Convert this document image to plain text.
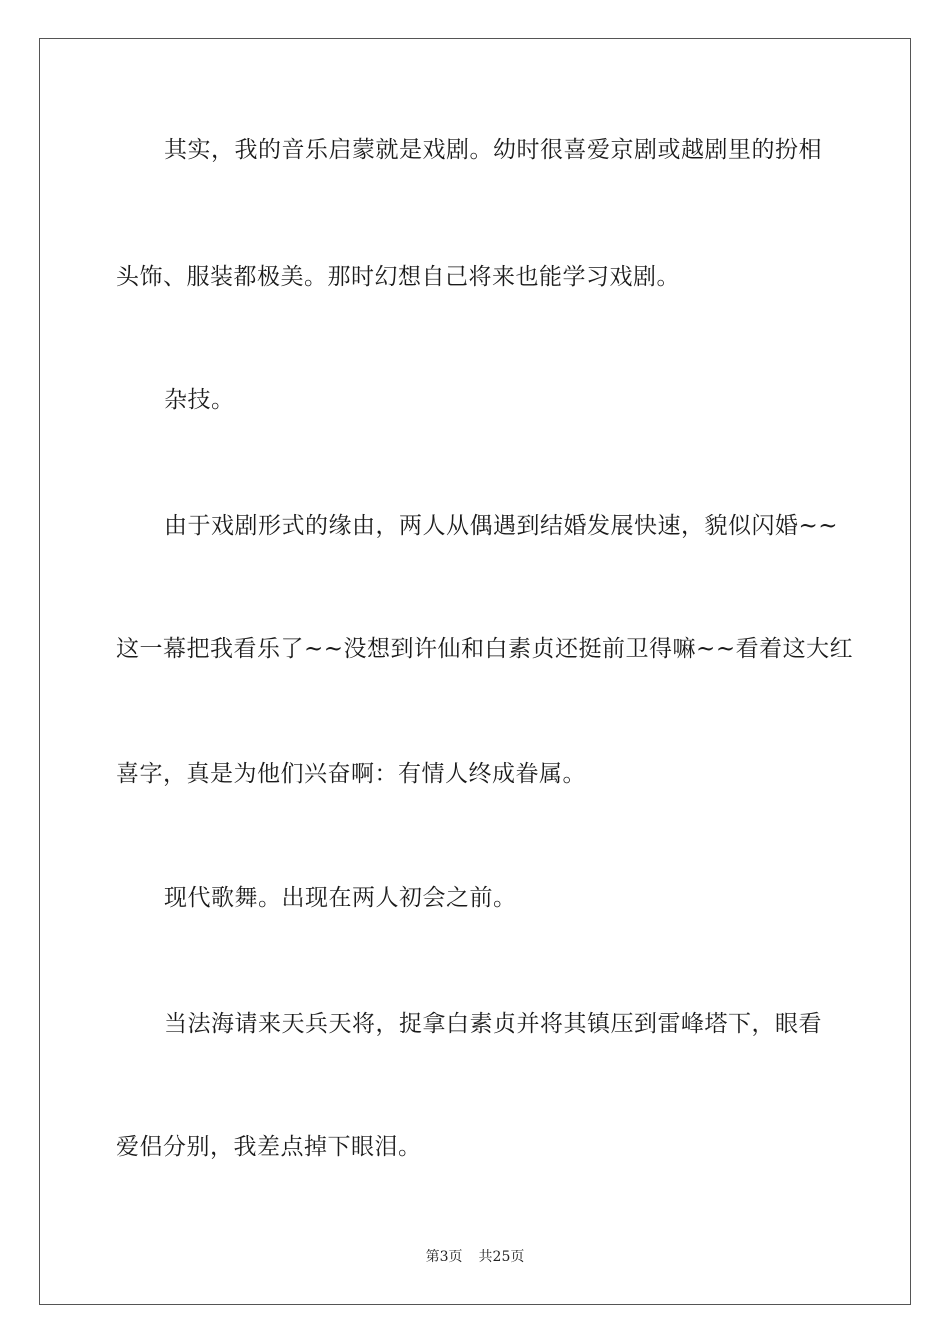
其实，我的音乐启蒙就是戏剧。幼时很喜爱京剧或越剧里的扮相
头饰、服装都极美。那时幻想自己将来也能学习戏剧。
杂技。
由于戏剧形式的缘由，两人从偶遇到结婚发展快速，貌似闪婚~~
这一幕把我看乐了~~没想到许仙和白素贞还挺前卫得嘛~~看着这大红
喜字，真是为他们兴奋啊：有情人终成眷属。
现代歌舞。出现在两人初会之前。
当法海请来天兵天将，捉拿白素贞并将其镇压到雷峰塔下，眼看
爱侣分别，我差点掉下眼泪。
第3页 共25页
